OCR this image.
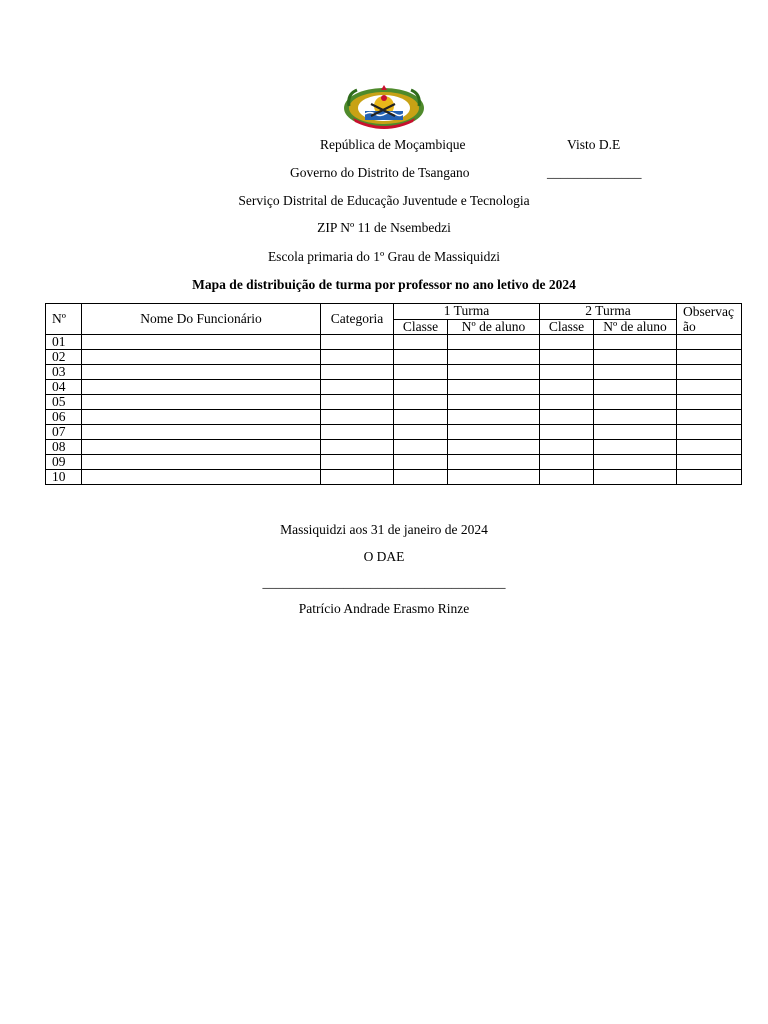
República de Moçambique	Visto D.E
Governo do Distrito de Tsangano	______________
Serviço Distrital de Educação Juventude e Tecnologia
ZIP Nº 11 de Nsembedzi
Escola primaria do 1º Grau de Massiquidzi
Mapa de distribuição de turma por professor no ano letivo de 2024
Nº	Nome Do Funcionário	Categoria	1 Turma		2 Turma		Observação
			Classe	Nº de aluno	Classe	Nº de aluno	
01							
02							
03							
04							
05							
06							
07							
08							
09							
10							
Massiquidzi aos 31 de janeiro de 2024
O DAE
____________________________________
Patrício Andrade Erasmo Rinze
